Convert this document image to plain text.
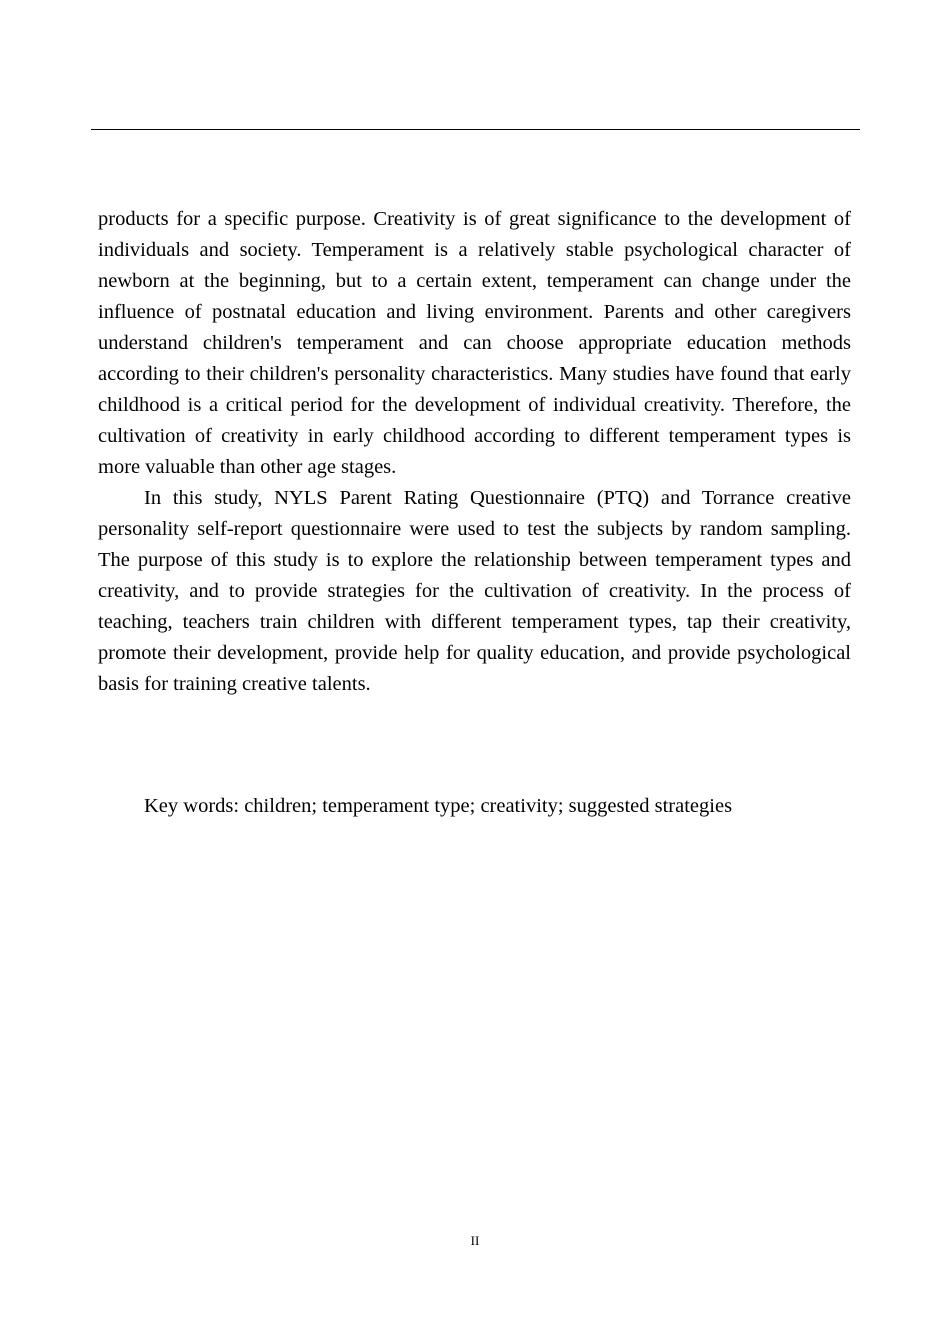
products for a specific purpose. Creativity is of great significance to the development of individuals and society. Temperament is a relatively stable psychological character of newborn at the beginning, but to a certain extent, temperament can change under the influence of postnatal education and living environment. Parents and other caregivers understand children's temperament and can choose appropriate education methods according to their children's personality characteristics. Many studies have found that early childhood is a critical period for the development of individual creativity. Therefore, the cultivation of creativity in early childhood according to different temperament types is more valuable than other age stages.

In this study, NYLS Parent Rating Questionnaire (PTQ) and Torrance creative personality self-report questionnaire were used to test the subjects by random sampling. The purpose of this study is to explore the relationship between temperament types and creativity, and to provide strategies for the cultivation of creativity. In the process of teaching, teachers train children with different temperament types, tap their creativity, promote their development, provide help for quality education, and provide psychological basis for training creative talents.

Key words: children; temperament type; creativity; suggested strategies

II
